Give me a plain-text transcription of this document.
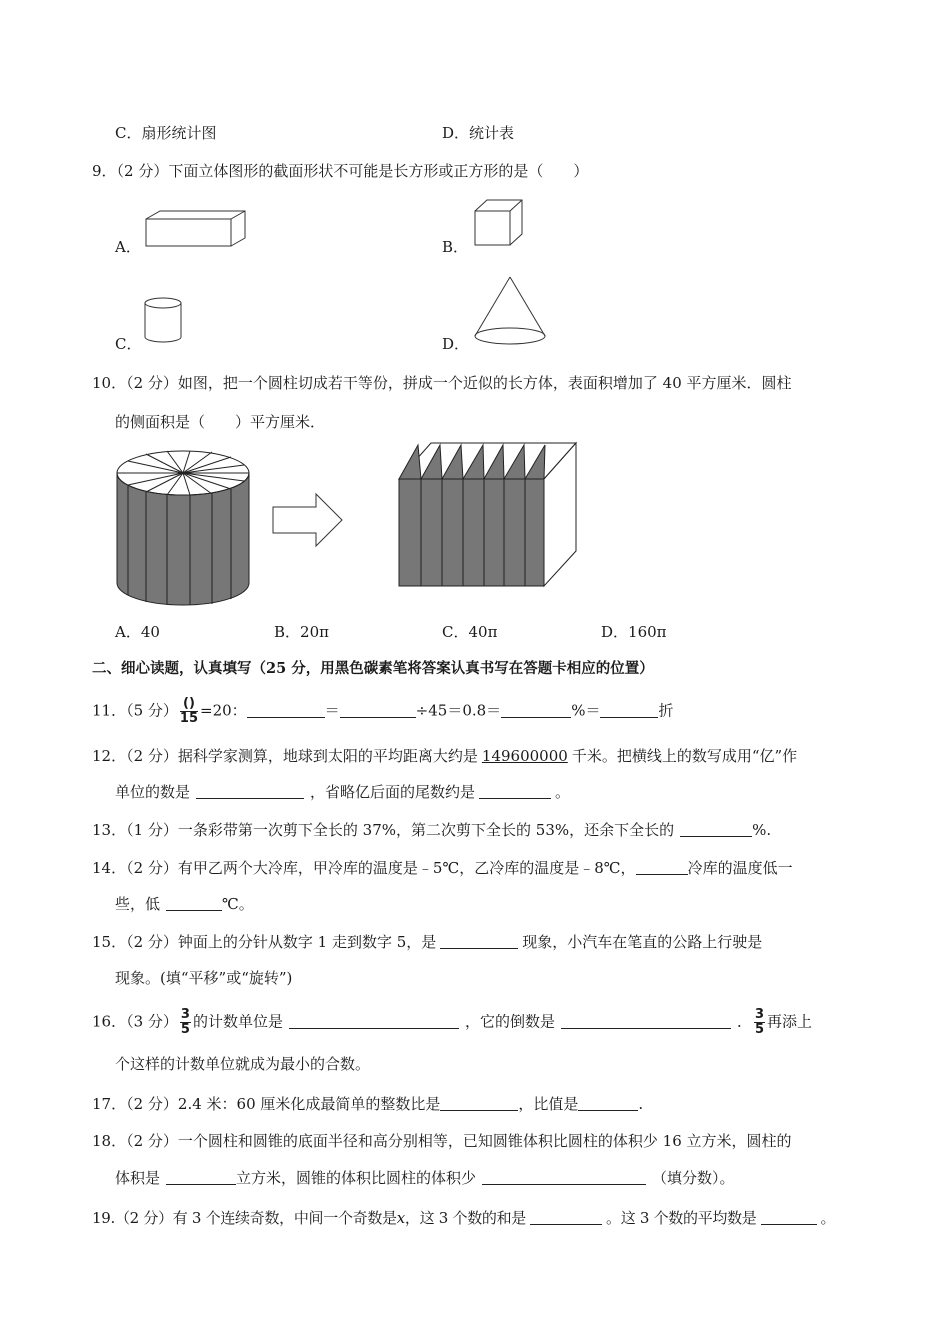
C．扇形统计图	D．统计表
9．（2 分）下面立体图形的截面形状不可能是长方形或正方形的是（　　）
A．	B．
C．	D．
10．（2 分）如图，把一个圆柱切成若干等份，拼成一个近似的长方体，表面积增加了 40 平方厘米．圆柱
的侧面积是（　　）平方厘米．
A．40	B．20π	C．40π	D．160π
二、细心读题，认真填写（25 分，用黑色碳素笔将答案认真书写在答题卡相应的位置）
11．（5 分） $\frac{()}{15} =20$：	＝	÷45＝0.8＝	%＝	折
12．（2 分）据科学家测算，地球到太阳的平均距离大约是 149600000 千米。把横线上的数写成用“亿”作
单位的数是	，省略亿后面的尾数约是	。
13．（1 分）一条彩带第一次剪下全长的 37%，第二次剪下全长的 53%，还余下全长的	%.
14．（2 分）有甲乙两个大冷库，甲冷库的温度是﹣5℃，乙冷库的温度是﹣8℃，	冷库的温度低一
些，低	℃。
15．（2 分）钟面上的分针从数字 1 走到数字 5，是	现象，小汽车在笔直的公路上行驶是
现象。(填“平移”或“旋转”)
16．（3 分） $\frac{3}{5}$ 的计数单位是	，它的倒数是	． $\frac{3}{5}$ 再添上
个这样的计数单位就成为最小的合数。
17．（2 分）2.4 米：60 厘米化成最简单的整数比是	，比值是	.
18．（2 分）一个圆柱和圆锥的底面半径和高分别相等，已知圆锥体积比圆柱的体积少 16 立方米，圆柱的
体积是	立方米，圆锥的体积比圆柱的体积少	（填分数）。
19.（2 分）有 3 个连续奇数，中间一个奇数是x，这 3 个数的和是	。这 3 个数的平均数是	。
